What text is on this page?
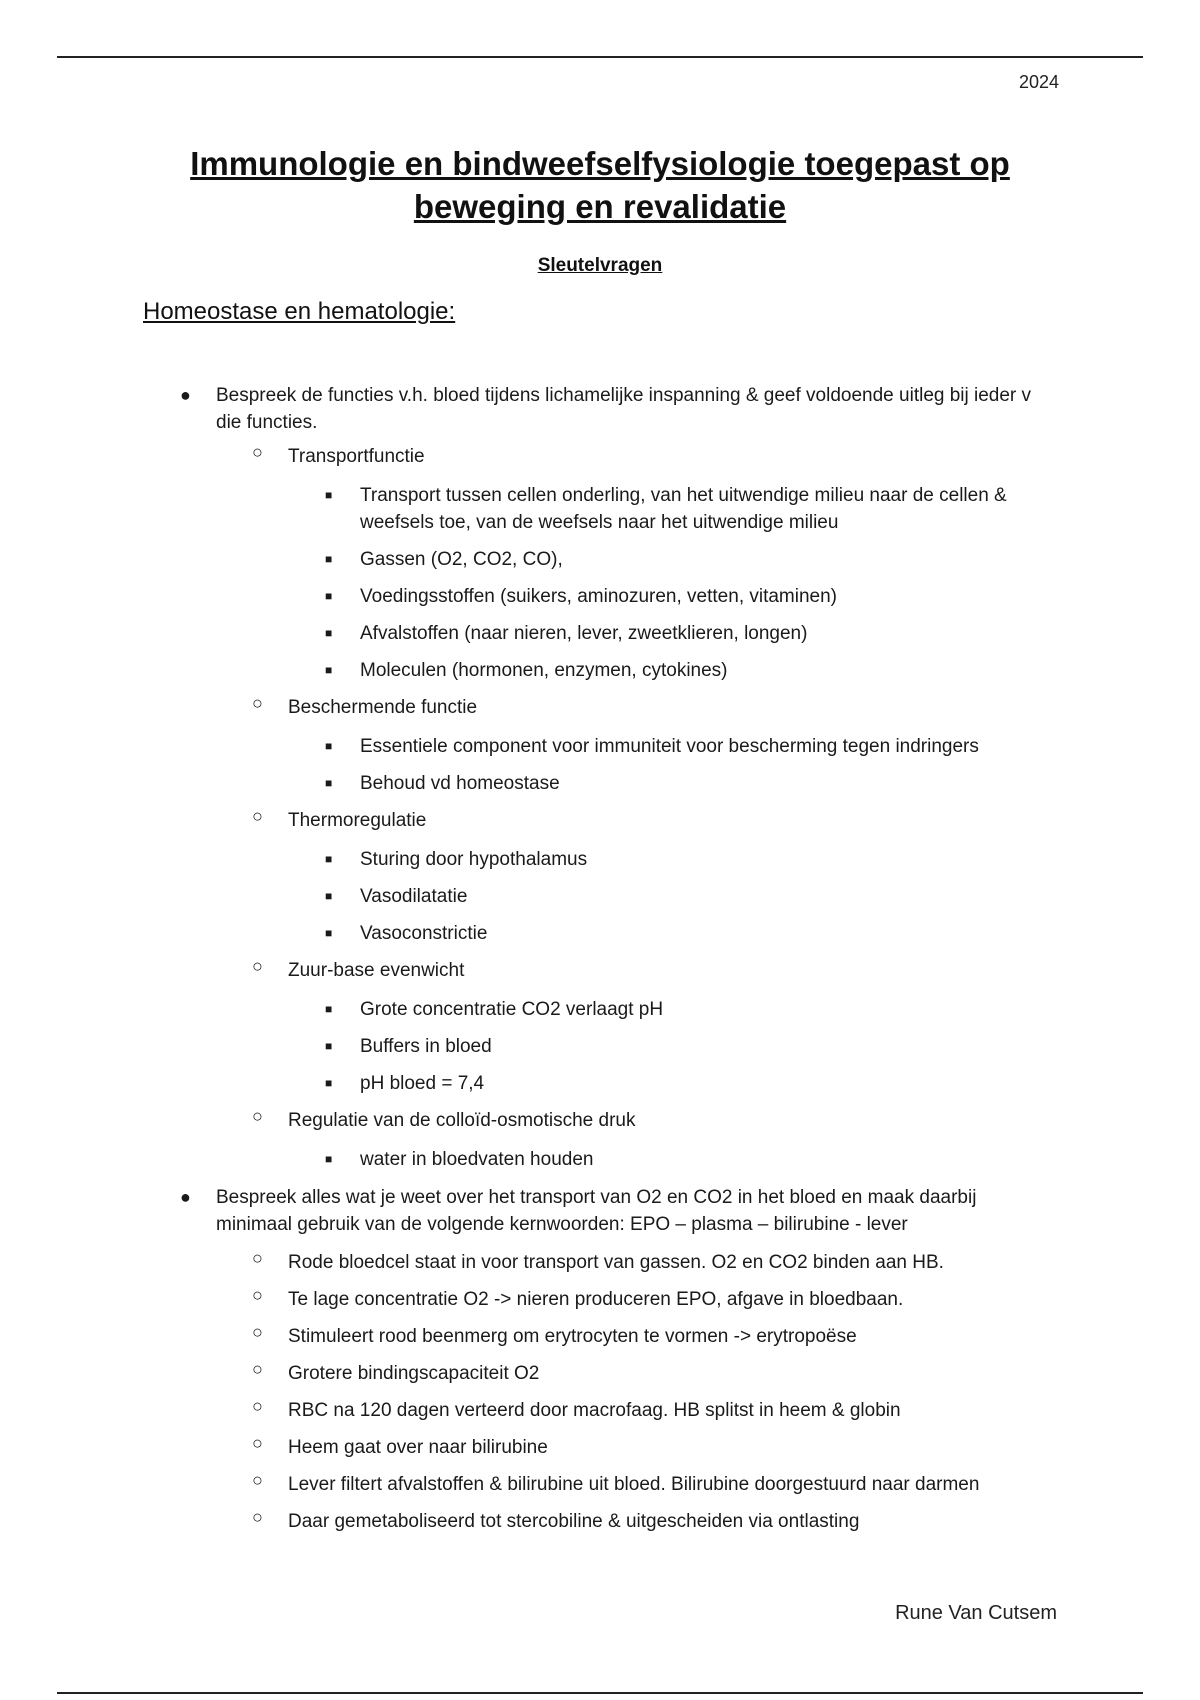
2024
Immunologie en bindweefselfysiologie toegepast op beweging en revalidatie
Sleutelvragen
Homeostase en hematologie:
● Bespreek de functies v.h. bloed tijdens lichamelijke inspanning & geef voldoende uitleg bij ieder v die functies.
○ Transportfunctie
■ Transport tussen cellen onderling, van het uitwendige milieu naar de cellen & weefsels toe, van de weefsels naar het uitwendige milieu
■ Gassen (O2, CO2, CO),
■ Voedingsstoffen (suikers, aminozuren, vetten, vitaminen)
■ Afvalstoffen (naar nieren, lever, zweetklieren, longen)
■ Moleculen (hormonen, enzymen, cytokines)
○ Beschermende functie
■ Essentiele component voor immuniteit voor bescherming tegen indringers
■ Behoud vd homeostase
○ Thermoregulatie
■ Sturing door hypothalamus
■ Vasodilatatie
■ Vasoconstrictie
○ Zuur-base evenwicht
■ Grote concentratie CO2 verlaagt pH
■ Buffers in bloed
■ pH bloed = 7,4
○ Regulatie van de colloïd-osmotische druk
■ water in bloedvaten houden
● Bespreek alles wat je weet over het transport van O2 en CO2 in het bloed en maak daarbij minimaal gebruik van de volgende kernwoorden: EPO – plasma – bilirubine - lever
○ Rode bloedcel staat in voor transport van gassen. O2 en CO2 binden aan HB.
○ Te lage concentratie O2 -> nieren produceren EPO, afgave in bloedbaan.
○ Stimuleert rood beenmerg om erytrocyten te vormen -> erytropoëse
○ Grotere bindingscapaciteit O2
○ RBC na 120 dagen verteerd door macrofaag. HB splitst in heem & globin
○ Heem gaat over naar bilirubine
○ Lever filtert afvalstoffen & bilirubine uit bloed. Bilirubine doorgestuurd naar darmen
○ Daar gemetaboliseerd tot stercobiline & uitgescheiden via ontlasting
Rune Van Cutsem
